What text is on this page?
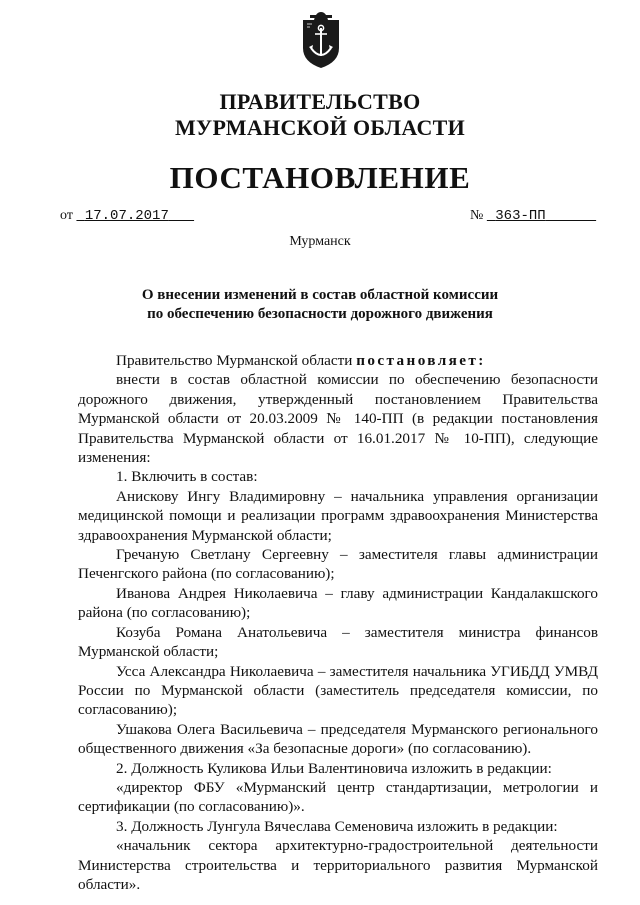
ПРАВИТЕЛЬСТВО
МУРМАНСКОЙ ОБЛАСТИ
ПОСТАНОВЛЕНИЕ
от 17.07.2017	№ 363-ПП
Мурманск
О внесении изменений в состав областной комиссии
по обеспечению безопасности дорожного движения

Правительство Мурманской области постановляет:

внести в состав областной комиссии по обеспечению безопасности дорожного движения, утвержденный постановлением Правительства Мурманской области от 20.03.2009 № 140-ПП (в редакции постановления Правительства Мурманской области от 16.01.2017 № 10-ПП), следующие изменения:

1. Включить в состав:

Анискову Ингу Владимировну – начальника управления организации медицинской помощи и реализации программ здравоохранения Министерства здравоохранения Мурманской области;

Гречаную Светлану Сергеевну – заместителя главы администрации Печенгского района (по согласованию);

Иванова Андрея Николаевича – главу администрации Кандалакшского района (по согласованию);

Козуба Романа Анатольевича – заместителя министра финансов Мурманской области;

Усса Александра Николаевича – заместителя начальника УГИБДД УМВД России по Мурманской области (заместитель председателя комиссии, по согласованию);

Ушакова Олега Васильевича – председателя Мурманского регионального общественного движения «За безопасные дороги» (по согласованию).

2. Должность Куликова Ильи Валентиновича изложить в редакции:

«директор ФБУ «Мурманский центр стандартизации, метрологии и сертификации (по согласованию)».

3. Должность Лунгула Вячеслава Семеновича изложить в редакции:

«начальник сектора архитектурно-градостроительной деятельности Министерства строительства и территориального развития Мурманской области».
